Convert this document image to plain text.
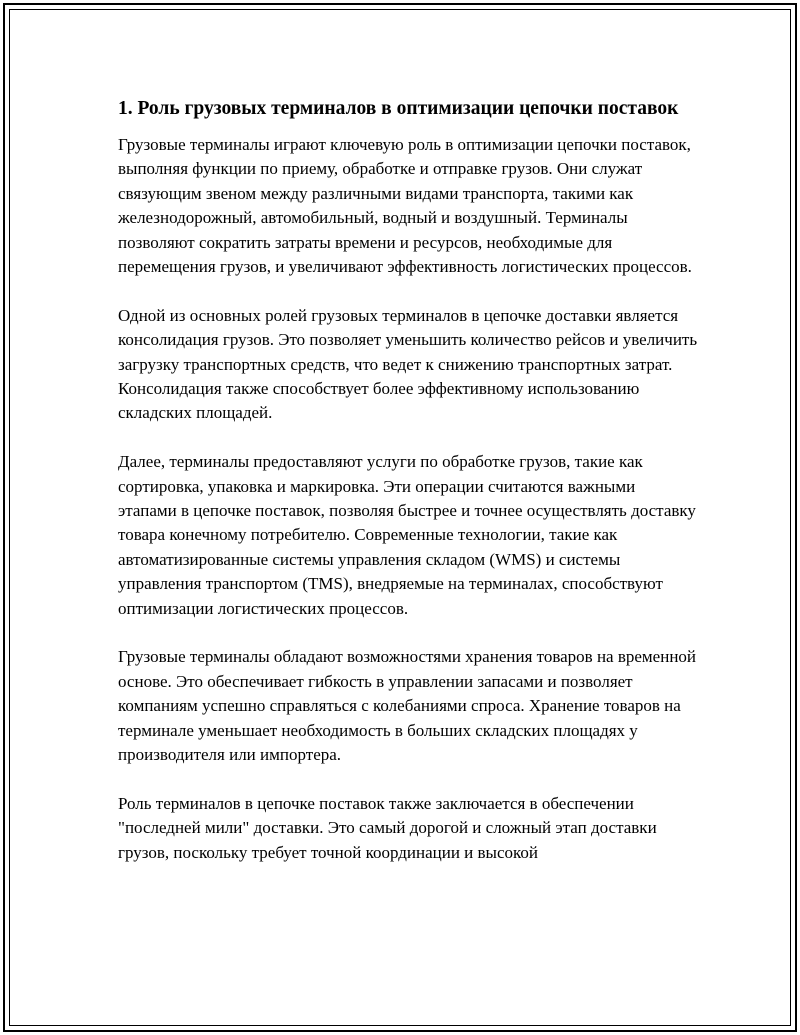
1. Роль грузовых терминалов в оптимизации цепочки поставок

Грузовые терминалы играют ключевую роль в оптимизации цепочки поставок, выполняя функции по приему, обработке и отправке грузов. Они служат связующим звеном между различными видами транспорта, такими как железнодорожный, автомобильный, водный и воздушный. Терминалы позволяют сократить затраты времени и ресурсов, необходимые для перемещения грузов, и увеличивают эффективность логистических процессов.

Одной из основных ролей грузовых терминалов в цепочке доставки является консолидация грузов. Это позволяет уменьшить количество рейсов и увеличить загрузку транспортных средств, что ведет к снижению транспортных затрат. Консолидация также способствует более эффективному использованию складских площадей.

Далее, терминалы предоставляют услуги по обработке грузов, такие как сортировка, упаковка и маркировка. Эти операции считаются важными этапами в цепочке поставок, позволяя быстрее и точнее осуществлять доставку товара конечному потребителю. Современные технологии, такие как автоматизированные системы управления складом (WMS) и системы управления транспортом (TMS), внедряемые на терминалах, способствуют оптимизации логистических процессов.

Грузовые терминалы обладают возможностями хранения товаров на временной основе. Это обеспечивает гибкость в управлении запасами и позволяет компаниям успешно справляться с колебаниями спроса. Хранение товаров на терминале уменьшает необходимость в больших складских площадях у производителя или импортера.

Роль терминалов в цепочке поставок также заключается в обеспечении "последней мили" доставки. Это самый дорогой и сложный этап доставки грузов, поскольку требует точной координации и высокой
